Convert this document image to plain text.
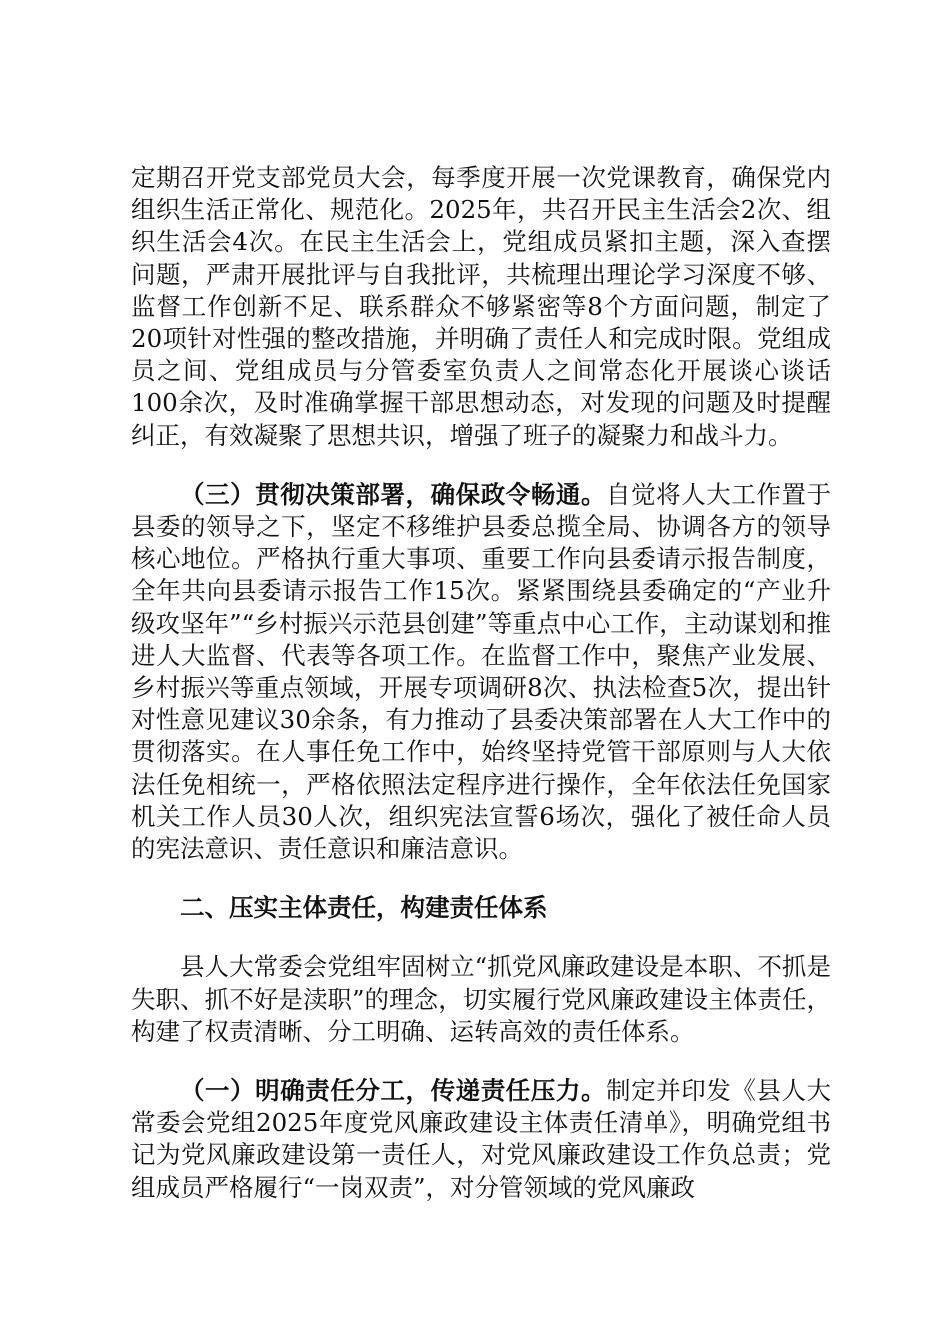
定期召开党支部党员大会，每季度开展一次党课教育，确保党内组织生活正常化、规范化。2025年，共召开民主生活会2次、组织生活会4次。在民主生活会上，党组成员紧扣主题，深入查摆问题，严肃开展批评与自我批评，共梳理出理论学习深度不够、监督工作创新不足、联系群众不够紧密等8个方面问题，制定了20项针对性强的整改措施，并明确了责任人和完成时限。党组成员之间、党组成员与分管委室负责人之间常态化开展谈心谈话100余次，及时准确掌握干部思想动态，对发现的问题及时提醒纠正，有效凝聚了思想共识，增强了班子的凝聚力和战斗力。

（三）贯彻决策部署，确保政令畅通。自觉将人大工作置于县委的领导之下，坚定不移维护县委总揽全局、协调各方的领导核心地位。严格执行重大事项、重要工作向县委请示报告制度，全年共向县委请示报告工作15次。紧紧围绕县委确定的“产业升级攻坚年”“乡村振兴示范县创建”等重点中心工作，主动谋划和推进人大监督、代表等各项工作。在监督工作中，聚焦产业发展、乡村振兴等重点领域，开展专项调研8次、执法检查5次，提出针对性意见建议30余条，有力推动了县委决策部署在人大工作中的贯彻落实。在人事任免工作中，始终坚持党管干部原则与人大依法任免相统一，严格依照法定程序进行操作，全年依法任免国家机关工作人员30人次，组织宪法宣誓6场次，强化了被任命人员的宪法意识、责任意识和廉洁意识。

二、压实主体责任，构建责任体系

县人大常委会党组牢固树立“抓党风廉政建设是本职、不抓是失职、抓不好是渎职”的理念，切实履行党风廉政建设主体责任，构建了权责清晰、分工明确、运转高效的责任体系。

（一）明确责任分工，传递责任压力。制定并印发《县人大常委会党组2025年度党风廉政建设主体责任清单》，明确党组书记为党风廉政建设第一责任人，对党风廉政建设工作负总责；党组成员严格履行“一岗双责”，对分管领域的党风廉政
